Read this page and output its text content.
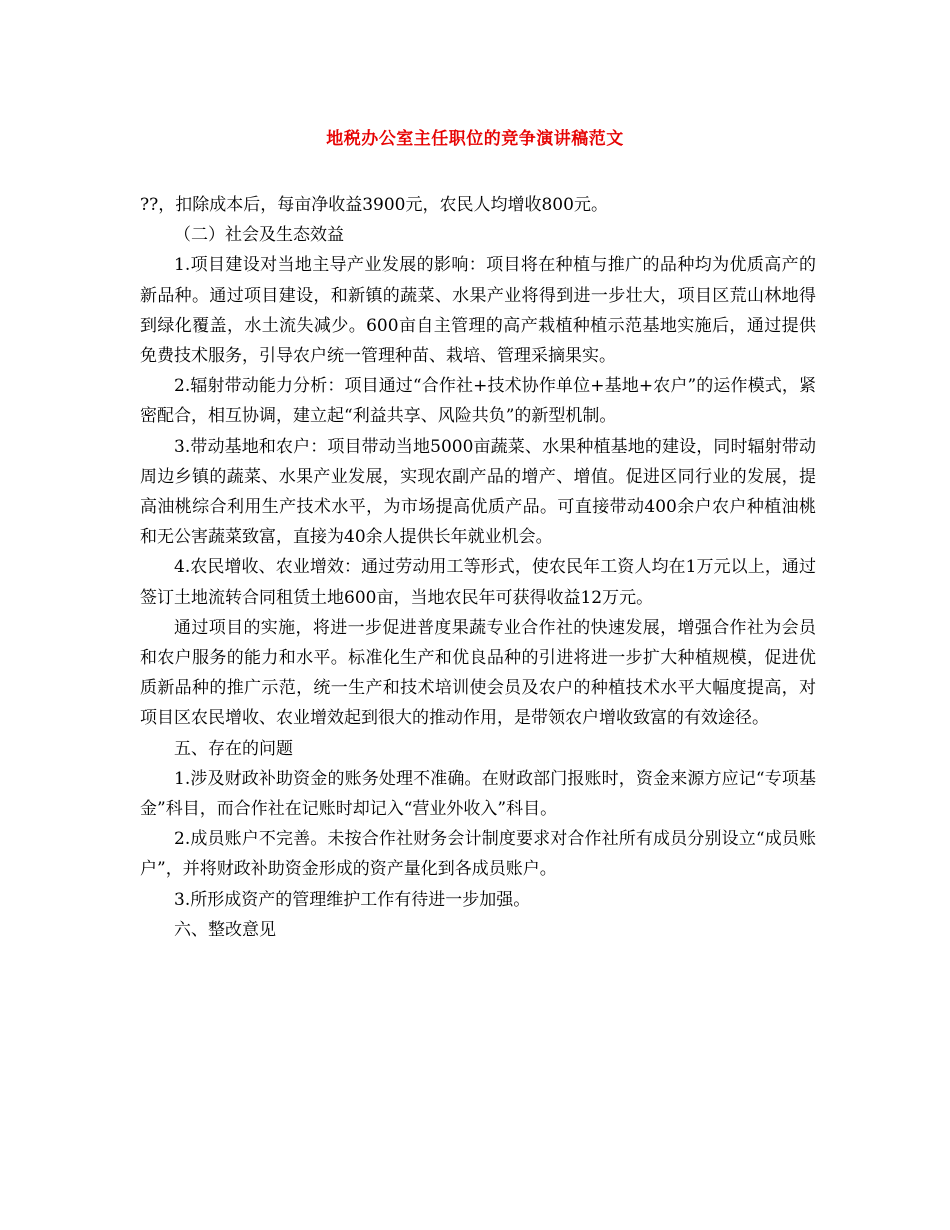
地税办公室主任职位的竞争演讲稿范文

??，扣除成本后，每亩净收益3900元，农民人均增收800元。

（二）社会及生态效益

1.项目建设对当地主导产业发展的影响：项目将在种植与推广的品种均为优质高产的新品种。通过项目建设，和新镇的蔬菜、水果产业将得到进一步壮大，项目区荒山林地得到绿化覆盖，水土流失减少。600亩自主管理的高产栽植种植示范基地实施后，通过提供免费技术服务，引导农户统一管理种苗、栽培、管理采摘果实。

2.辐射带动能力分析：项目通过“合作社+技术协作单位+基地+农户”的运作模式，紧密配合，相互协调，建立起“利益共享、风险共负”的新型机制。

3.带动基地和农户：项目带动当地5000亩蔬菜、水果种植基地的建设，同时辐射带动周边乡镇的蔬菜、水果产业发展，实现农副产品的增产、增值。促进区同行业的发展，提高油桃综合利用生产技术水平，为市场提高优质产品。可直接带动400余户农户种植油桃和无公害蔬菜致富，直接为40余人提供长年就业机会。

4.农民增收、农业增效：通过劳动用工等形式，使农民年工资人均在1万元以上，通过签订土地流转合同租赁土地600亩，当地农民年可获得收益12万元。

通过项目的实施，将进一步促进普度果蔬专业合作社的快速发展，增强合作社为会员和农户服务的能力和水平。标准化生产和优良品种的引进将进一步扩大种植规模，促进优质新品种的推广示范，统一生产和技术培训使会员及农户的种植技术水平大幅度提高，对项目区农民增收、农业增效起到很大的推动作用，是带领农户增收致富的有效途径。

五、存在的问题

1.涉及财政补助资金的账务处理不准确。在财政部门报账时，资金来源方应记“专项基金”科目，而合作社在记账时却记入“营业外收入”科目。

2.成员账户不完善。未按合作社财务会计制度要求对合作社所有成员分别设立“成员账户”，并将财政补助资金形成的资产量化到各成员账户。

3.所形成资产的管理维护工作有待进一步加强。

六、整改意见
